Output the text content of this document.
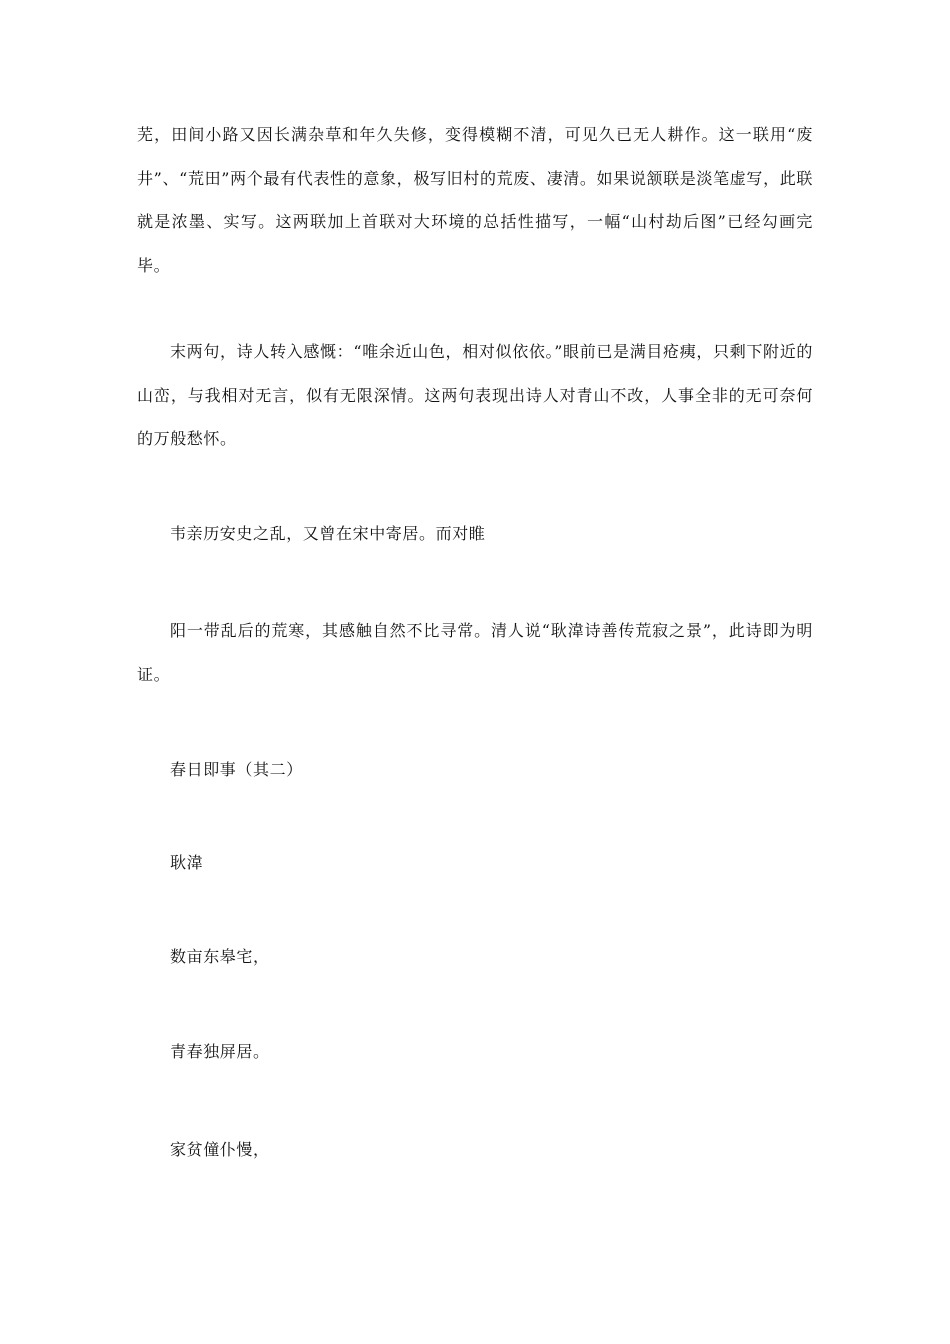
芜，田间小路又因长满杂草和年久失修，变得模糊不清，可见久已无人耕作。这一联用“废井”、“荒田”两个最有代表性的意象，极写旧村的荒废、凄清。如果说颔联是淡笔虚写，此联就是浓墨、实写。这两联加上首联对大环境的总括性描写，一幅“山村劫后图”已经勾画完毕。

末两句，诗人转入感慨：“唯余近山色，相对似依依。”眼前已是满目疮痍，只剩下附近的山峦，与我相对无言，似有无限深情。这两句表现出诗人对青山不改，人事全非的无可奈何的万般愁怀。

韦亲历安史之乱，又曾在宋中寄居。而对睢

阳一带乱后的荒寒，其感触自然不比寻常。清人说“耿湋诗善传荒寂之景”，此诗即为明证。

春日即事（其二）

耿湋

数亩东皋宅，

青春独屏居。

家贫僮仆慢，
